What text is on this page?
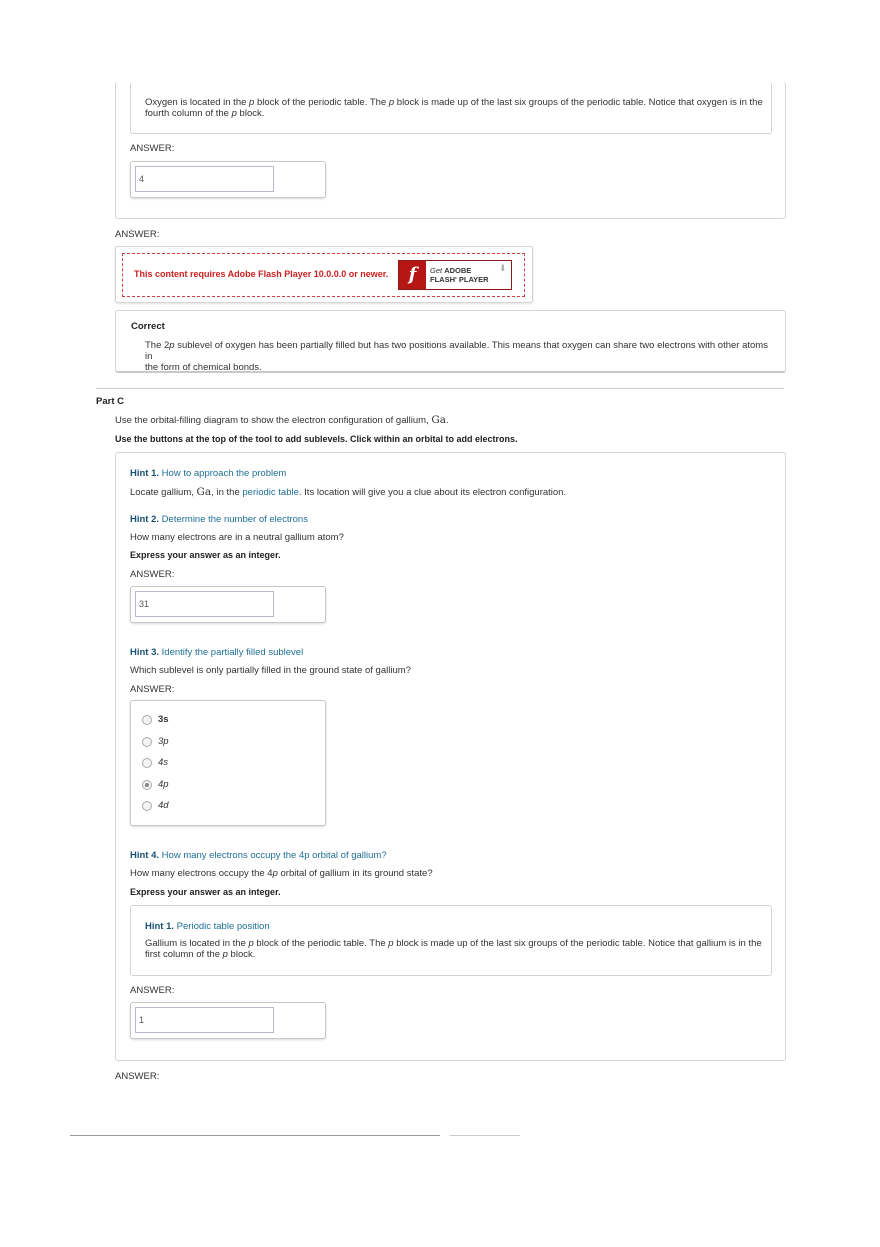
Oxygen is located in the p block of the periodic table. The p block is made up of the last six groups of the periodic table. Notice that oxygen is in the
fourth column of the p block.
ANSWER:
4
ANSWER:
This content requires Adobe Flash Player 10.0.0.0 or newer.	f	Get ADOBE
FLASH' PLAYER
⬇
Correct
The 2p sublevel of oxygen has been partially filled but has two positions available. This means that oxygen can share two electrons with other atoms in
the form of chemical bonds.
Part C
Use the orbital-filling diagram to show the electron configuration of gallium, Ga.
Use the buttons at the top of the tool to add sublevels. Click within an orbital to add electrons.
Hint 1. How to approach the problem
Locate gallium, Ga, in the periodic table. Its location will give you a clue about its electron configuration.
Hint 2. Determine the number of electrons
How many electrons are in a neutral gallium atom?
Express your answer as an integer.
ANSWER:
31
Hint 3. Identify the partially filled sublevel
Which sublevel is only partially filled in the ground state of gallium?
ANSWER:
3s
3p
4s
4p
4d
Hint 4. How many electrons occupy the 4p orbital of gallium?
How many electrons occupy the 4p orbital of gallium in its ground state?
Express your answer as an integer.
Hint 1. Periodic table position
Gallium is located in the p block of the periodic table. The p block is made up of the last six groups of the periodic table. Notice that gallium is in the
first column of the p block.
ANSWER:
1
ANSWER:
